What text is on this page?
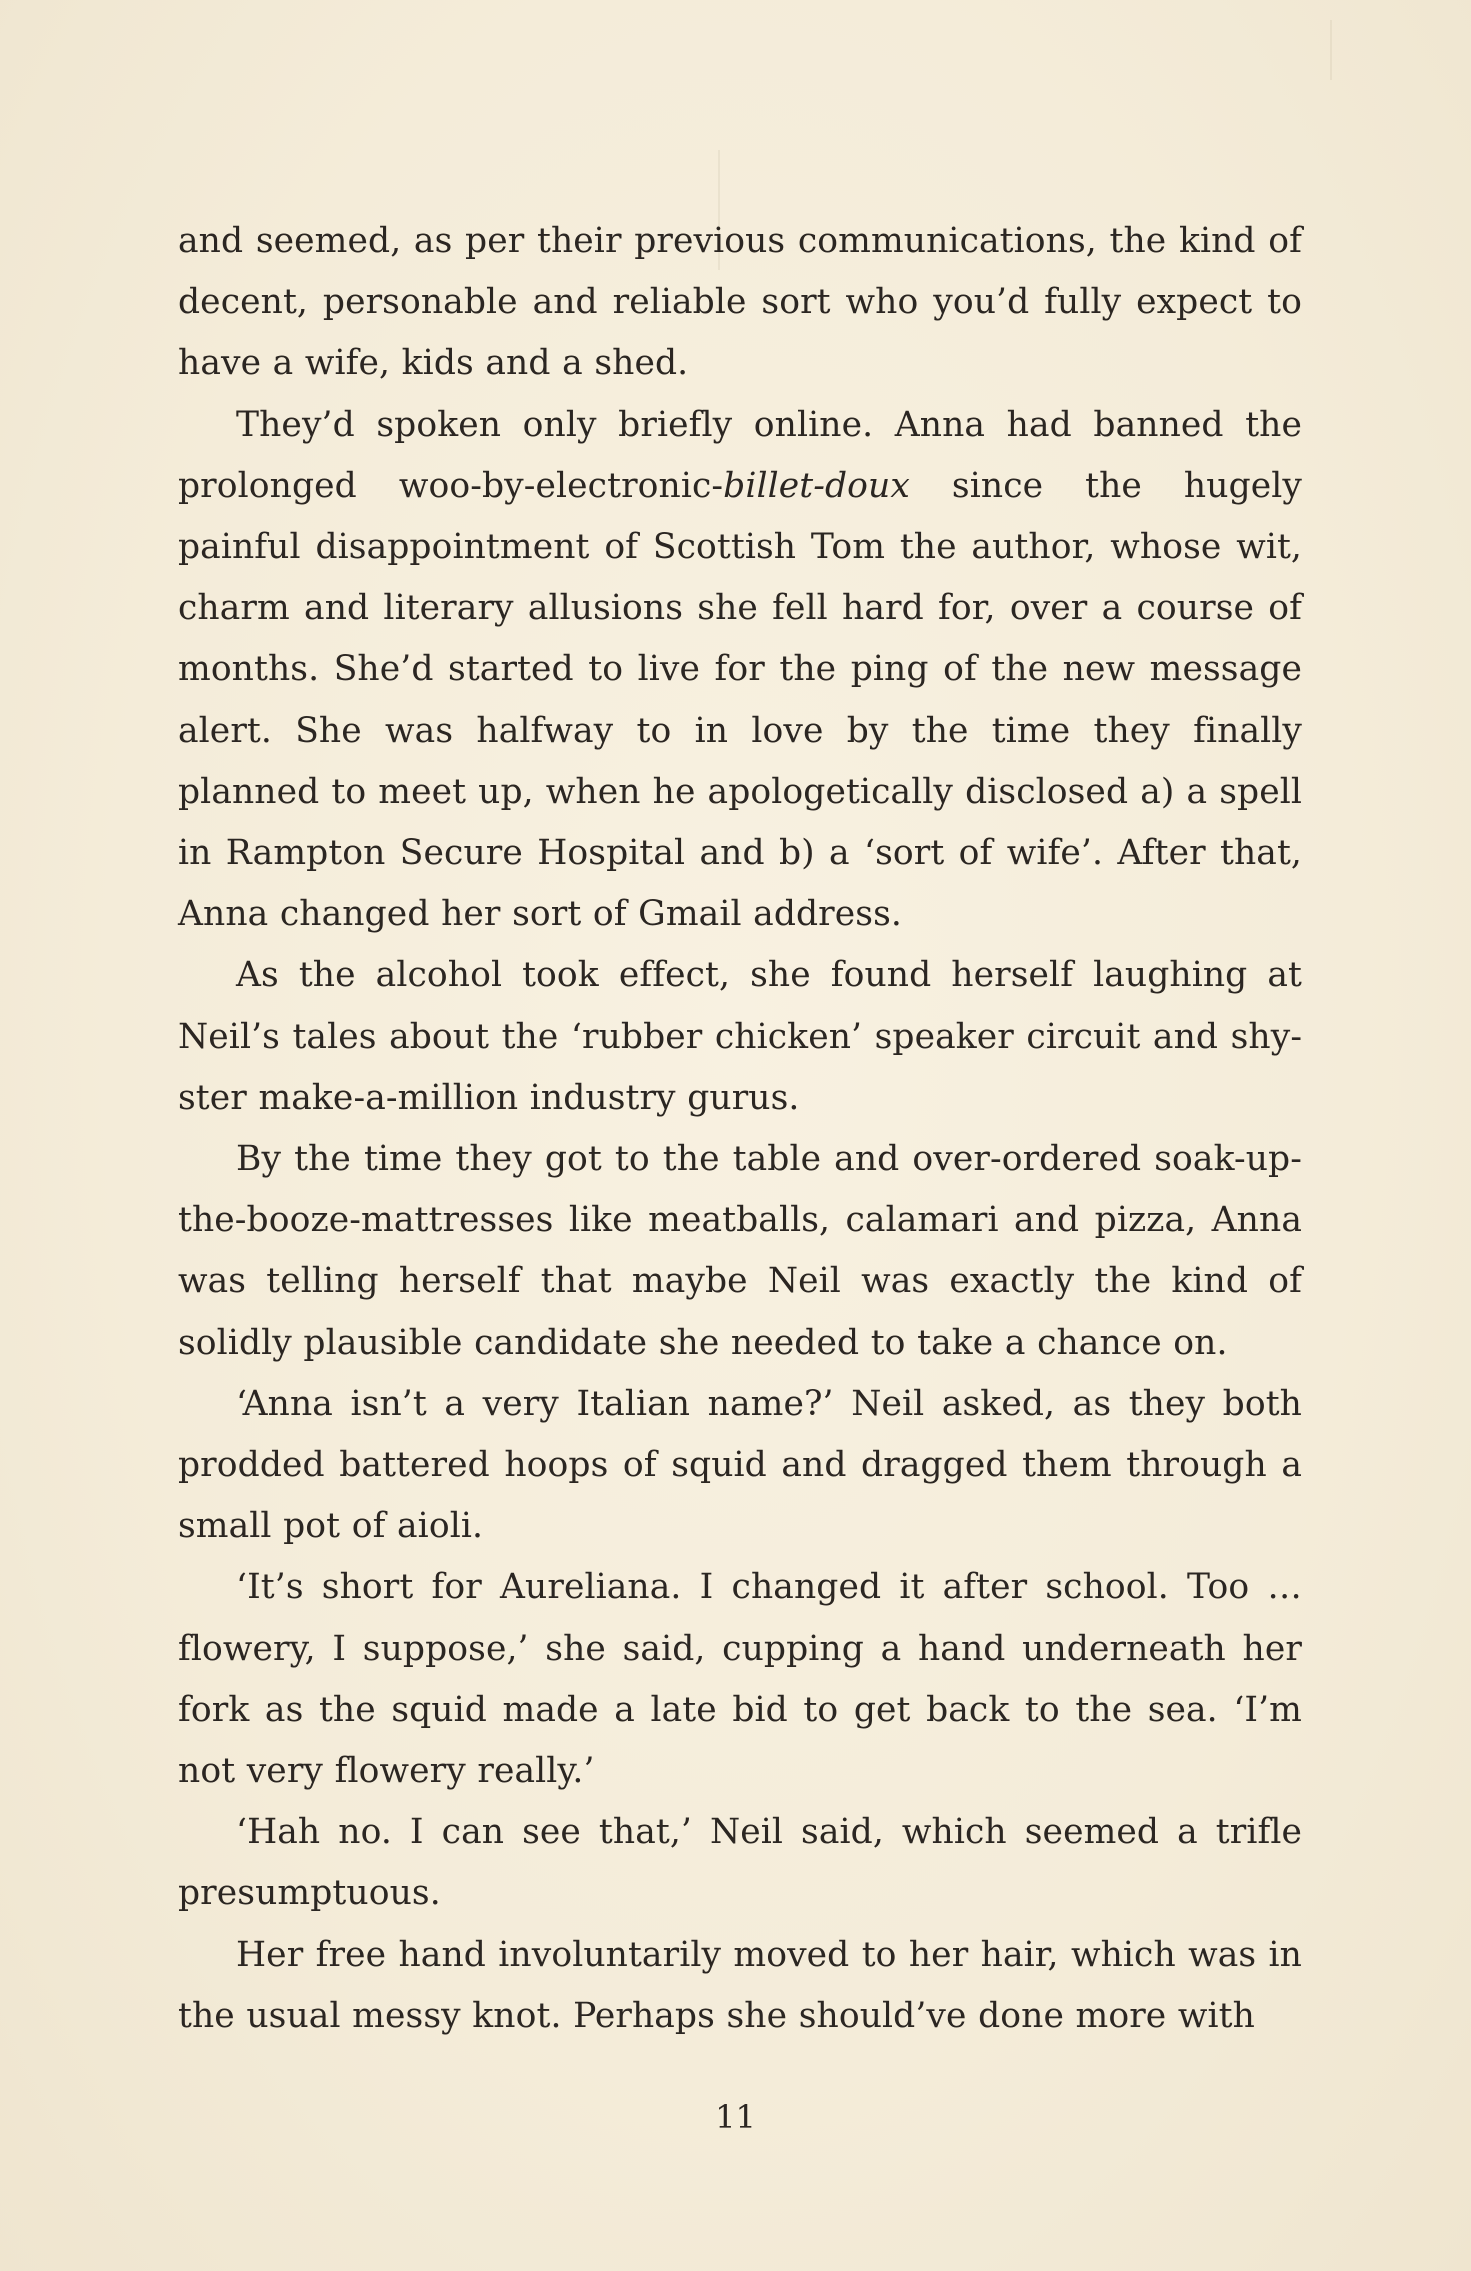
and seemed, as per their previous communications, the kind of decent, personable and reliable sort who you’d fully expect to have a wife, kids and a shed.

They’d spoken only briefly online. Anna had banned the prolonged woo-by-electronic-billet-doux since the hugely painful disappointment of Scottish Tom the author, whose wit, charm and literary allusions she fell hard for, over a course of months. She’d started to live for the ping of the new message alert. She was halfway to in love by the time they finally planned to meet up, when he apologetically disclosed a) a spell in Rampton Secure Hospital and b) a ‘sort of wife’. After that, Anna changed her sort of Gmail address.

As the alcohol took effect, she found herself laughing at Neil’s tales about the ‘rubber chicken’ speaker circuit and shyster make-a-million industry gurus.

By the time they got to the table and over-ordered soak-up-the-booze-mattresses like meatballs, calamari and pizza, Anna was telling herself that maybe Neil was exactly the kind of solidly plausible candidate she needed to take a chance on.

‘Anna isn’t a very Italian name?’ Neil asked, as they both prodded battered hoops of squid and dragged them through a small pot of aioli.

‘It’s short for Aureliana. I changed it after school. Too … flowery, I suppose,’ she said, cupping a hand underneath her fork as the squid made a late bid to get back to the sea. ‘I’m not very flowery really.’

‘Hah no. I can see that,’ Neil said, which seemed a trifle presumptuous.

Her free hand involuntarily moved to her hair, which was in the usual messy knot. Perhaps she should’ve done more with

11
